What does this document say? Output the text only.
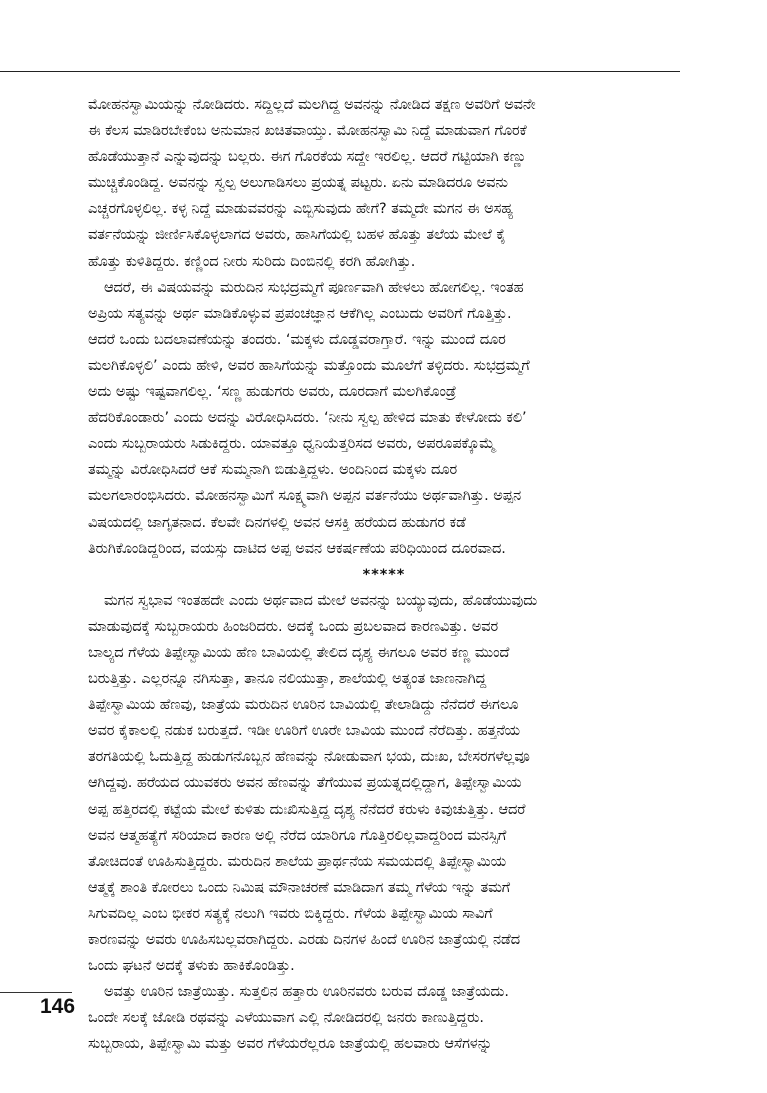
ಮೋಹನಸ್ವಾಮಿಯನ್ನು ನೋಡಿದರು. ಸದ್ದಿಲ್ಲದೆ ಮಲಗಿದ್ದ ಅವನನ್ನು ನೋಡಿದ ತಕ್ಷಣ ಅವರಿಗೆ ಅವನೇ
ಈ ಕೆಲಸ ಮಾಡಿರಬೇಕೆಂಬ ಅನುಮಾನ ಖಚಿತವಾಯ್ತು. ಮೋಹನಸ್ವಾಮಿ ನಿದ್ದೆ ಮಾಡುವಾಗ ಗೊರಕೆ
ಹೊಡೆಯುತ್ತಾನೆ ಎನ್ನುವುದನ್ನು ಬಲ್ಲರು. ಈಗ ಗೊರಕೆಯ ಸದ್ದೇ ಇರಲಿಲ್ಲ. ಆದರೆ ಗಟ್ಟಿಯಾಗಿ ಕಣ್ಣು
ಮುಚ್ಚಿಕೊಂಡಿದ್ದ. ಅವನನ್ನು ಸ್ವಲ್ಪ ಅಲುಗಾಡಿಸಲು ಪ್ರಯತ್ನ ಪಟ್ಟರು. ಏನು ಮಾಡಿದರೂ ಅವನು
ಎಚ್ಚರಗೊಳ್ಳಲಿಲ್ಲ. ಕಳ್ಳ ನಿದ್ದೆ ಮಾಡುವವರನ್ನು ಎಬ್ಬಿಸುವುದು ಹೇಗೆ? ತಮ್ಮದೇ ಮಗನ ಈ ಅಸಹ್ಯ
ವರ್ತನೆಯನ್ನು ಜೀರ್ಣಿಸಿಕೊಳ್ಳಲಾಗದ ಅವರು, ಹಾಸಿಗೆಯಲ್ಲಿ ಬಹಳ ಹೊತ್ತು ತಲೆಯ ಮೇಲೆ ಕೈ
ಹೊತ್ತು ಕುಳಿತಿದ್ದರು. ಕಣ್ಣಿಂದ ನೀರು ಸುರಿದು ದಿಂಬಿನಲ್ಲಿ ಕರಗಿ ಹೋಗಿತ್ತು.
ಆದರೆ, ಈ ವಿಷಯವನ್ನು ಮರುದಿನ ಸುಭದ್ರಮ್ಮಗೆ ಪೂರ್ಣವಾಗಿ ಹೇಳಲು ಹೋಗಲಿಲ್ಲ. ಇಂತಹ
ಅಪ್ರಿಯ ಸತ್ಯವನ್ನು ಅರ್ಥ ಮಾಡಿಕೊಳ್ಳುವ ಪ್ರಪಂಚಜ್ಞಾನ ಆಕೆಗಿಲ್ಲ ಎಂಬುದು ಅವರಿಗೆ ಗೊತ್ತಿತ್ತು.
ಆದರೆ ಒಂದು ಬದಲಾವಣೆಯನ್ನು ತಂದರು. ‘ಮಕ್ಕಳು ದೊಡ್ಡವರಾಗ್ತಾರೆ. ಇನ್ನು ಮುಂದೆ ದೂರ
ಮಲಗಿಕೊಳ್ಳಲಿ’ ಎಂದು ಹೇಳಿ, ಅವರ ಹಾಸಿಗೆಯನ್ನು ಮತ್ತೊಂದು ಮೂಲೆಗೆ ತಳ್ಳಿದರು. ಸುಭದ್ರಮ್ಮಗೆ
ಅದು ಅಷ್ಟು ಇಷ್ಟವಾಗಲಿಲ್ಲ. ‘ಸಣ್ಣ ಹುಡುಗರು ಅವರು, ದೂರದಾಗೆ ಮಲಗಿಕೊಂಡ್ರೆ
ಹೆದರಿಕೊಂಡಾರು’ ಎಂದು ಅದನ್ನು ವಿರೋಧಿಸಿದರು. ‘ನೀನು ಸ್ವಲ್ಪ ಹೇಳಿದ ಮಾತು ಕೇಳೋದು ಕಲಿ’
ಎಂದು ಸುಬ್ಬರಾಯರು ಸಿಡುಕಿದ್ದರು. ಯಾವತ್ತೂ ಧ್ವನಿಯೆತ್ತರಿಸದ ಅವರು, ಅಪರೂಪಕ್ಕೊಮ್ಮೆ
ತಮ್ಮನ್ನು ವಿರೋಧಿಸಿದರೆ ಆಕೆ ಸುಮ್ಮನಾಗಿ ಬಿಡುತ್ತಿದ್ದಳು. ಅಂದಿನಿಂದ ಮಕ್ಕಳು ದೂರ
ಮಲಗಲಾರಂಭಿಸಿದರು. ಮೋಹನಸ್ವಾಮಿಗೆ ಸೂಕ್ಷ್ಮವಾಗಿ ಅಪ್ಪನ ವರ್ತನೆಯು ಅರ್ಥವಾಗಿತ್ತು. ಅಪ್ಪನ
ವಿಷಯದಲ್ಲಿ ಜಾಗೃತನಾದ. ಕೆಲವೇ ದಿನಗಳಲ್ಲಿ ಅವನ ಆಸಕ್ತಿ ಹರೆಯದ ಹುಡುಗರ ಕಡೆ
ತಿರುಗಿಕೊಂಡಿದ್ದರಿಂದ, ವಯಸ್ಸು ದಾಟಿದ ಅಪ್ಪ ಅವನ ಆಕರ್ಷಣೆಯ ಪರಿಧಿಯಿಂದ ದೂರವಾದ.
*****
ಮಗನ ಸ್ವಭಾವ ಇಂತಹದೇ ಎಂದು ಅರ್ಥವಾದ ಮೇಲೆ ಅವನನ್ನು ಬಯ್ಯುವುದು, ಹೊಡೆಯುವುದು
ಮಾಡುವುದಕ್ಕೆ ಸುಬ್ಬರಾಯರು ಹಿಂಜರಿದರು. ಅದಕ್ಕೆ ಒಂದು ಪ್ರಬಲವಾದ ಕಾರಣವಿತ್ತು. ಅವರ
ಬಾಲ್ಯದ ಗೆಳೆಯ ತಿಪ್ಪೇಸ್ವಾಮಿಯ ಹೆಣ ಬಾವಿಯಲ್ಲಿ ತೇಲಿದ ದೃಶ್ಯ ಈಗಲೂ ಅವರ ಕಣ್ಣ ಮುಂದೆ
ಬರುತ್ತಿತ್ತು. ಎಲ್ಲರನ್ನೂ ನಗಿಸುತ್ತಾ, ತಾನೂ ನಲಿಯುತ್ತಾ, ಶಾಲೆಯಲ್ಲಿ ಅತ್ಯಂತ ಜಾಣನಾಗಿದ್ದ
ತಿಪ್ಪೇಸ್ವಾಮಿಯ ಹೆಣವು, ಜಾತ್ರೆಯ ಮರುದಿನ ಊರಿನ ಬಾವಿಯಲ್ಲಿ ತೇಲಾಡಿದ್ದು ನೆನೆದರೆ ಈಗಲೂ
ಅವರ ಕೈಕಾಲಲ್ಲಿ ನಡುಕ ಬರುತ್ತದೆ. ಇಡೀ ಊರಿಗೆ ಊರೇ ಬಾವಿಯ ಮುಂದೆ ನೆರೆದಿತ್ತು. ಹತ್ತನೆಯ
ತರಗತಿಯಲ್ಲಿ ಓದುತ್ತಿದ್ದ ಹುಡುಗನೊಬ್ಬನ ಹೆಣವನ್ನು ನೋಡುವಾಗ ಭಯ, ದುಃಖ, ಬೇಸರಗಳೆಲ್ಲವೂ
ಆಗಿದ್ದವು. ಹರೆಯದ ಯುವಕರು ಅವನ ಹೆಣವನ್ನು ತೆಗೆಯುವ ಪ್ರಯತ್ನದಲ್ಲಿದ್ದಾಗ, ತಿಪ್ಪೇಸ್ವಾಮಿಯ
ಅಪ್ಪ ಹತ್ತಿರದಲ್ಲಿ ಕಟ್ಟೆಯ ಮೇಲೆ ಕುಳಿತು ದುಃಖಿಸುತ್ತಿದ್ದ ದೃಶ್ಯ ನೆನೆದರೆ ಕರುಳು ಕಿವುಚುತ್ತಿತ್ತು. ಆದರೆ
ಅವನ ಆತ್ಮಹತ್ಯೆಗೆ ಸರಿಯಾದ ಕಾರಣ ಅಲ್ಲಿ ನೆರೆದ ಯಾರಿಗೂ ಗೊತ್ತಿರಲಿಲ್ಲವಾದ್ದರಿಂದ ಮನಸ್ಸಿಗೆ
ತೋಚಿದಂತೆ ಊಹಿಸುತ್ತಿದ್ದರು. ಮರುದಿನ ಶಾಲೆಯ ಪ್ರಾರ್ಥನೆಯ ಸಮಯದಲ್ಲಿ ತಿಪ್ಪೇಸ್ವಾಮಿಯ
ಆತ್ಮಕ್ಕೆ ಶಾಂತಿ ಕೋರಲು ಒಂದು ನಿಮಿಷ ಮೌನಾಚರಣೆ ಮಾಡಿದಾಗ ತಮ್ಮ ಗೆಳೆಯ ಇನ್ನು ತಮಗೆ
ಸಿಗುವದಿಲ್ಲ ಎಂಬ ಭೀಕರ ಸತ್ಯಕ್ಕೆ ನಲುಗಿ ಇವರು ಬಿಕ್ಕಿದ್ದರು. ಗೆಳೆಯ ತಿಪ್ಪೇಸ್ವಾಮಿಯ ಸಾವಿಗೆ
ಕಾರಣವನ್ನು ಅವರು ಊಹಿಸಬಲ್ಲವರಾಗಿದ್ದರು. ಎರಡು ದಿನಗಳ ಹಿಂದೆ ಊರಿನ ಜಾತ್ರೆಯಲ್ಲಿ ನಡೆದ
ಒಂದು ಘಟನೆ ಅದಕ್ಕೆ ತಳುಕು ಹಾಕಿಕೊಂಡಿತ್ತು.
ಅವತ್ತು ಊರಿನ ಜಾತ್ರೆಯಿತ್ತು. ಸುತ್ತಲಿನ ಹತ್ತಾರು ಊರಿನವರು ಬರುವ ದೊಡ್ಡ ಜಾತ್ರೆಯದು.
ಒಂದೇ ಸಲಕ್ಕೆ ಜೋಡಿ ರಥವನ್ನು ಎಳೆಯುವಾಗ ಎಲ್ಲಿ ನೋಡಿದರಲ್ಲಿ ಜನರು ಕಾಣುತ್ತಿದ್ದರು.
ಸುಬ್ಬರಾಯ, ತಿಪ್ಪೇಸ್ವಾಮಿ ಮತ್ತು ಅವರ ಗೆಳೆಯರೆಲ್ಲರೂ ಜಾತ್ರೆಯಲ್ಲಿ ಹಲವಾರು ಆಸೆಗಳನ್ನು
146
